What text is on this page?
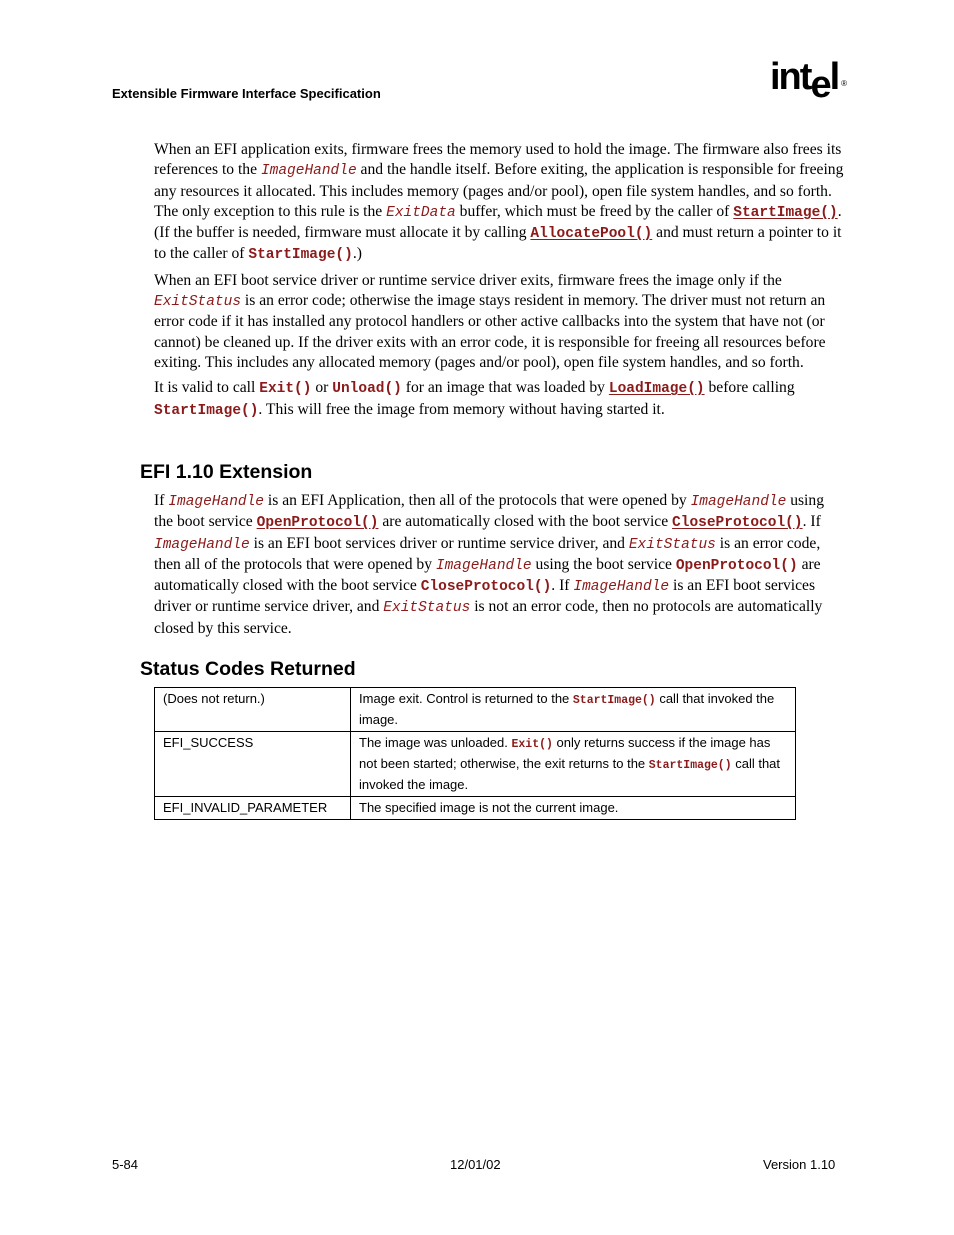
Extensible Firmware Interface Specification	intel ®

When an EFI application exits, firmware frees the memory used to hold the image. The firmware also frees its references to the ImageHandle and the handle itself. Before exiting, the application is responsible for freeing any resources it allocated. This includes memory (pages and/or pool), open file system handles, and so forth. The only exception to this rule is the ExitData buffer, which must be freed by the caller of StartImage(). (If the buffer is needed, firmware must allocate it by calling AllocatePool() and must return a pointer to it to the caller of StartImage().)

When an EFI boot service driver or runtime service driver exits, firmware frees the image only if the ExitStatus is an error code; otherwise the image stays resident in memory. The driver must not return an error code if it has installed any protocol handlers or other active callbacks into the system that have not (or cannot) be cleaned up. If the driver exits with an error code, it is responsible for freeing all resources before exiting. This includes any allocated memory (pages and/or pool), open file system handles, and so forth.

It is valid to call Exit() or Unload() for an image that was loaded by LoadImage() before calling StartImage(). This will free the image from memory without having started it.

EFI 1.10 Extension

If ImageHandle is an EFI Application, then all of the protocols that were opened by ImageHandle using the boot service OpenProtocol() are automatically closed with the boot service CloseProtocol(). If ImageHandle is an EFI boot services driver or runtime service driver, and ExitStatus is an error code, then all of the protocols that were opened by ImageHandle using the boot service OpenProtocol() are automatically closed with the boot service CloseProtocol(). If ImageHandle is an EFI boot services driver or runtime service driver, and ExitStatus is not an error code, then no protocols are automatically closed by this service.

Status Codes Returned
(Does not return.)	Image exit. Control is returned to the StartImage() call that invoked the image.
EFI_SUCCESS	The image was unloaded. Exit() only returns success if the image has not been started; otherwise, the exit returns to the StartImage() call that invoked the image.
EFI_INVALID_PARAMETER	The specified image is not the current image.
5-84	12/01/02	Version 1.10
